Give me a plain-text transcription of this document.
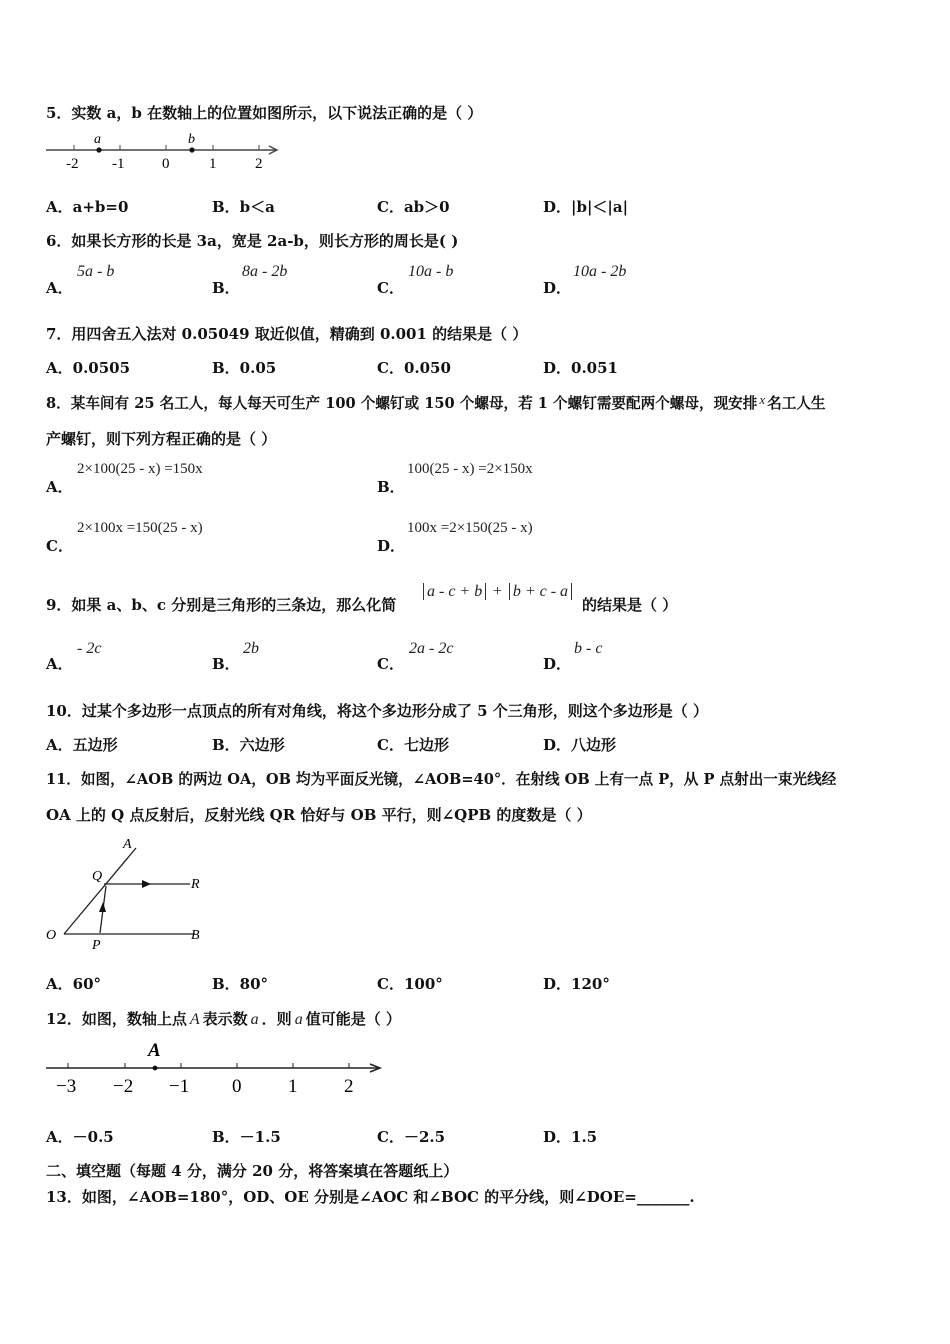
5．实数 a，b 在数轴上的位置如图所示，以下说法正确的是（ ）
a	b
-2 -1	0	1	2
A．a+b=0	B．b＜a	C．ab＞0	D．|b|＜|a|
6．如果长方形的长是 3a，宽是 2a-b，则长方形的周长是( )
A．
5a - b
B．
8a - 2b
C．
10a - b
D．
10a - 2b
7．用四舍五入法对 0.05049 取近似值，精确到 0.001 的结果是（ ）
A．0.0505	B．0.05	C．0.050	D．0.051
8．某车间有 25 名工人，每人每天可生产 100 个螺钉或 150 个螺母，若 1 个螺钉需要配两个螺母，现安排 x 名工人生
产螺钉，则下列方程正确的是（ ）
A．
2×100(25 - x) =150x
B．
100(25 - x) =2×150x
C．
2×100x =150(25 - x)
D．
100x =2×150(25 - x)
9．如果 a、b、c 分别是三角形的三条边，那么化简
a - c + b + b + c - a
的结果是（ ）
A．
- 2c
B．
2b
C．
2a - 2c
D．
b - c
10．过某个多边形一点顶点的所有对角线，将这个多边形分成了 5 个三角形，则这个多边形是（ ）
A．五边形	B．六边形	C．七边形	D．八边形
11．如图，∠AOB 的两边 OA，OB 均为平面反光镜，∠AOB=40°．在射线 OB 上有一点 P，从 P 点射出一束光线经
OA 上的 Q 点反射后，反射光线 QR 恰好与 OB 平行，则∠QPB 的度数是（ ）
A
Q
R
O
P
B
A．60°	B．80°	C．100°	D．120°
12．如图，数轴上点 A 表示数 a ．则 a 值可能是（ ）
A
−3 −2 −1 0 1 2
A．－0.5	B．－1.5	C．－2.5	D．1.5
二、填空题（每题 4 分，满分 20 分，将答案填在答题纸上）
13．如图，∠AOB=180°，OD、OE 分别是∠AOC 和∠BOC 的平分线，则∠DOE=_______.
